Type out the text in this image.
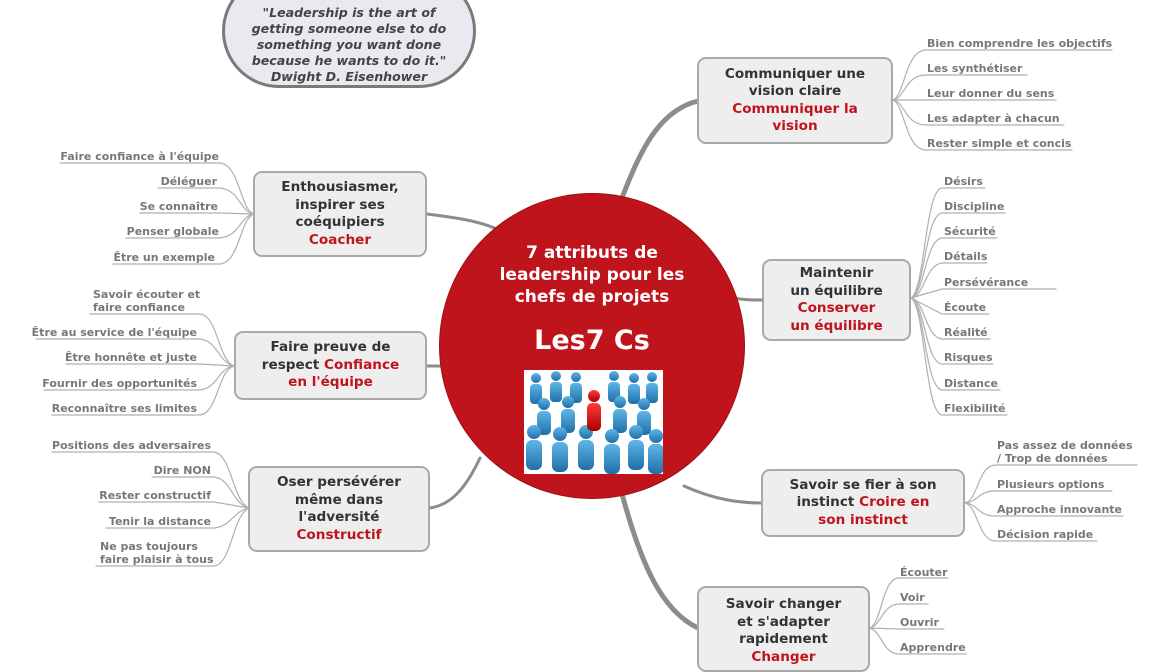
"Leadership is the art of
getting someone else to do
something you want done
because he wants to do it."
Dwight D. Eisenhower
7 attributs de
leadership pour les
chefs de projets
Les7 Cs
Communiquer une
vision claire
Communiquer la
vision
Maintenir
un équilibre
Conserver
un équilibre
Savoir se fier à son
instinct Croire en
son instinct
Savoir changer
et s'adapter
rapidement
Changer
Enthousiasmer,
inspirer ses
coéquipiers
Coacher
Faire preuve de
respect Confiance
en l'équipe
Oser persévérer
même dans
l'adversité
Constructif
Bien comprendre les objectifs
Les synthétiser
Leur donner du sens
Les adapter à chacun
Rester simple et concis
Désirs
Discipline
Sécurité
Détails
Persévérance
Écoute
Réalité
Risques
Distance
Flexibilité
Pas assez de données
/ Trop de données
Plusieurs options
Approche innovante
Décision rapide
Écouter
Voir
Ouvrir
Apprendre
Faire confiance à l'équipe
Déléguer
Se connaître
Penser globale
Être un exemple
Savoir écouter et
faire confiance
Être au service de l'équipe
Être honnête et juste
Fournir des opportunités
Reconnaître ses limites
Positions des adversaires
Dire NON
Rester constructif
Tenir la distance
Ne pas toujours
faire plaisir à tous
